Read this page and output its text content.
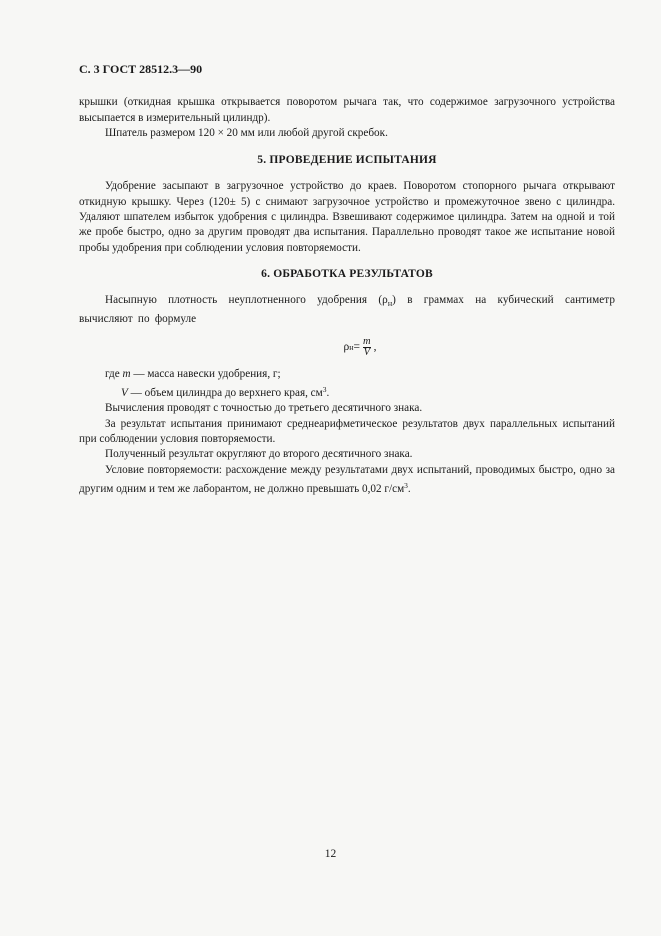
С. 3 ГОСТ 28512.3—90

крышки (откидная крышка открывается поворотом рычага так, что содержимое загрузочного устройства высыпается в измерительный цилиндр).

Шпатель размером 120 × 20 мм или любой другой скребок.

5. ПРОВЕДЕНИЕ ИСПЫТАНИЯ

Удобрение засыпают в загрузочное устройство до краев. Поворотом стопорного рычага открывают откидную крышку. Через (120± 5) с снимают загрузочное устройство и промежуточное звено с цилиндра. Удаляют шпателем избыток удобрения с цилиндра. Взвешивают содержимое цилиндра. Затем на одной и той же пробе быстро, одно за другим проводят два испытания. Параллельно проводят такое же испытание новой пробы удобрения при соблюдении условия повторяемости.

6. ОБРАБОТКА РЕЗУЛЬТАТОВ

Насыпную плотность неуплотненного удобрения $(\rho_н)$ в граммах на кубический сантиметр вычисляют по формуле

ρ $н = \frac{m}{V}$ ,

где m — масса навески удобрения, г;

V — объем цилиндра до верхнего края, $см^3$.

Вычисления проводят с точностью до третьего десятичного знака.

За результат испытания принимают среднеарифметическое результатов двух параллельных испытаний при соблюдении условия повторяемости.

Полученный результат округляют до второго десятичного знака.

Условие повторяемости: расхождение между результатами двух испытаний, проводимых быстро, одно за другим одним и тем же лаборантом, не должно превышать 0,02 $г/см^3$.

12
